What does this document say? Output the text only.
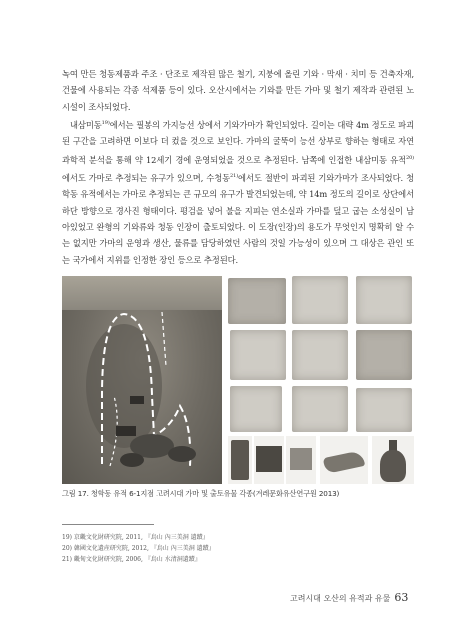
녹여 만든 청동제품과 주조 · 단조로 제작된 많은 철기, 지붕에 올린 기와 · 막새 · 치미 등 건축자재, 건물에 사용되는 각종 석제품 등이 있다. 오산시에서는 기와를 만든 가마 및 철기 제작과 관련된 노시설이 조사되었다.

내삼미동$^{19)}$에서는 필봉의 가지능선 상에서 기와가마가 확인되었다. 길이는 대략 4m 정도로 파괴된 구간을 고려하면 이보다 더 컸을 것으로 보인다. 가마의 굴뚝이 능선 상부로 향하는 형태로 자연과학적 분석을 통해 약 12세기 경에 운영되었을 것으로 추정된다. 남쪽에 인접한 내삼미동 유적$^{20)}$에서도 가마로 추정되는 유구가 있으며, 수청동$^{21)}$에서도 절반이 파괴된 기와가마가 조사되었다. 청학동 유적에서는 가마로 추정되는 큰 규모의 유구가 발견되었는데, 약 14m 정도의 길이로 상단에서 하단 방향으로 경사진 형태이다. 평검을 넣어 불을 지피는 연소실과 가마를 덮고 굽는 소성실이 남아있었고 완형의 기와류와 청동 인장이 출토되었다. 이 도장(인장)의 용도가 무엇인지 명확히 알 수는 없지만 가마의 운영과 생산, 물류를 담당하였던 사람의 것일 가능성이 있으며 그 대상은 관인 또는 국가에서 지위를 인정한 장인 등으로 추정된다.

그림 17. 청학동 유적 6-1지점 고려시대 가마 및 출토유물 각종(겨레문화유산연구원 2013)
19) 京畿文化財硏究院, 2011, 『烏山 內三美洞 遺蹟』
20) 韓國文化遺産研究院, 2012, 『烏山 內三美洞 遺蹟』
21) 畿甸文化財研究院, 2006, 『烏山 水清洞遺蹟』
고려시대 오산의 유적과 유물 63
